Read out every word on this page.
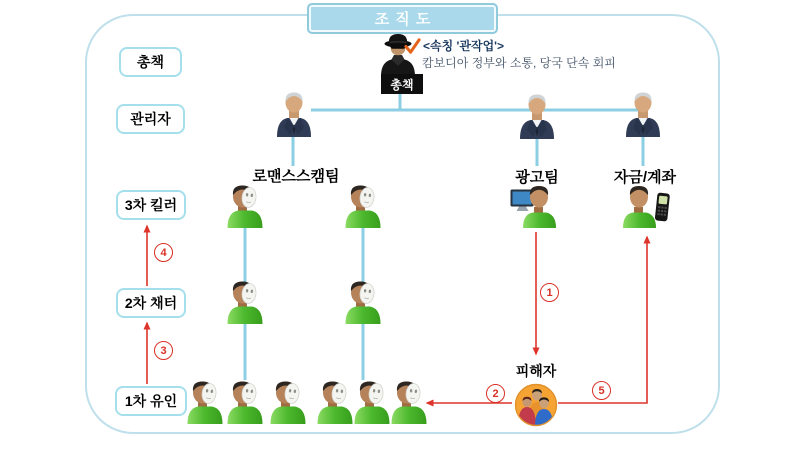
조직도
총책
관리자
3차 킬러
2차 채터
1차 유인
총책
<속칭 '관작업'>
캄보디아 정부와 소통, 당국 단속 회피
로맨스스캠팀	광고팀	자금/계좌
피해자
1
2
3
4
5
